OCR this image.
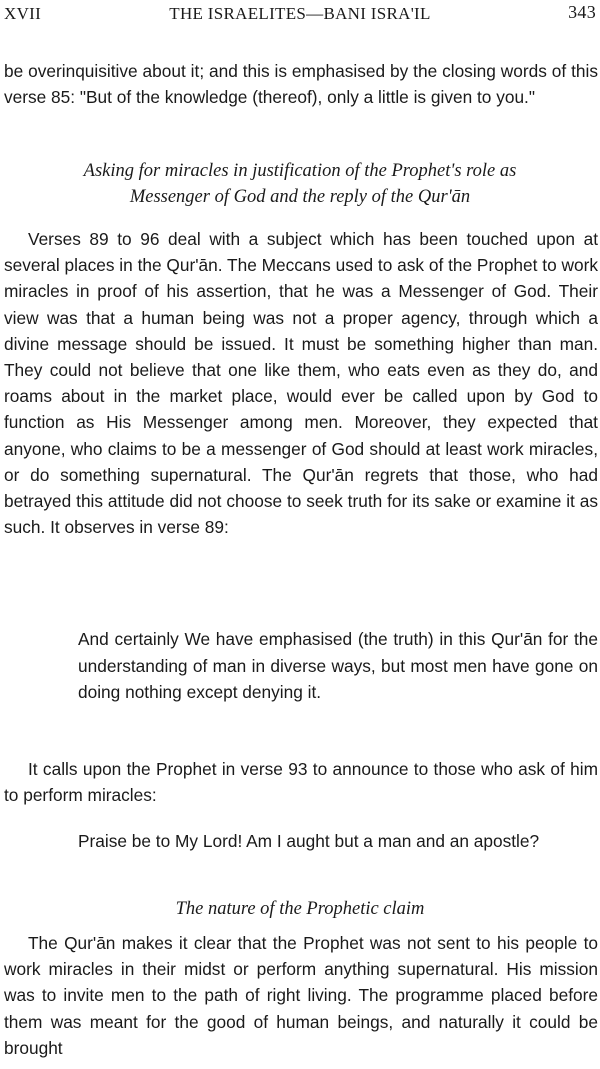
XVII	THE ISRAELITES—BANI ISRA'IL	343

be overinquisitive about it; and this is emphasised by the closing words of this verse 85: "But of the knowledge (thereof), only a little is given to you."

Asking for miracles in justification of the Prophet's role as

Messenger of God and the reply of the Qur'ān

Verses 89 to 96 deal with a subject which has been touched upon at several places in the Qur'ān. The Meccans used to ask of the Prophet to work miracles in proof of his assertion, that he was a Messenger of God. Their view was that a human being was not a proper agency, through which a divine message should be issued. It must be something higher than man. They could not believe that one like them, who eats even as they do, and roams about in the market place, would ever be called upon by God to function as His Messenger among men. Moreover, they expected that anyone, who claims to be a messenger of God should at least work miracles, or do something supernatural. The Qur'ān regrets that those, who had betrayed this attitude did not choose to seek truth for its sake or examine it as such. It observes in verse 89:

And certainly We have emphasised (the truth) in this Qur'ān for the understanding of man in diverse ways, but most men have gone on doing nothing except denying it.

It calls upon the Prophet in verse 93 to announce to those who ask of him to perform miracles:

Praise be to My Lord! Am I aught but a man and an apostle?

The nature of the Prophetic claim

The Qur'ān makes it clear that the Prophet was not sent to his people to work miracles in their midst or perform anything supernatural. His mission was to invite men to the path of right living. The programme placed before them was meant for the good of human beings, and naturally it could be brought
